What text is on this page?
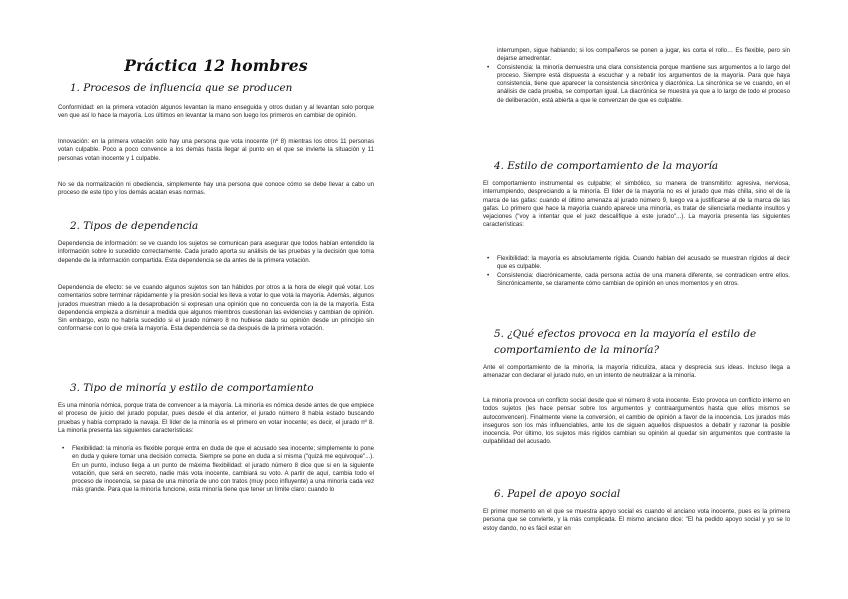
Práctica 12 hombres
1. Procesos de influencia que se producen

Conformidad: en la primera votación algunos levantan la mano enseguida y otros dudan y al levantan solo porque ven que así lo hace la mayoría. Los últimos en levantar la mano son luego los primeros en cambiar de opinión.

Innovación: en la primera votación solo hay una persona que vota inocente (nº 8) mientras los otros 11 personas votan culpable. Poco a poco convence a los demás hasta llegar al punto en el que se invierte la situación y 11 personas votan inocente y 1 culpable.

No se da normalización ni obediencia, simplemente hay una persona que conoce cómo se debe llevar a cabo un proceso de este tipo y los demás acatan esas normas.

2. Tipos de dependencia

Dependencia de información: se ve cuando los sujetos se comunican para asegurar que todos habían entendido la información sobre lo sucedido correctamente. Cada jurado aporta su análisis de las pruebas y la decisión que toma depende de la información compartida. Esta dependencia se da antes de la primera votación.

Dependencia de efecto: se ve cuando algunos sujetos son tan hábidos por otros a la hora de elegir qué votar. Los comentarios sobre terminar rápidamente y la presión social les lleva a votar lo que vota la mayoría. Además, algunos jurados muestran miedo a la desaprobación si expresan una opinión que no concuerda con la de la mayoría. Esta dependencia empieza a disminuir a medida que algunos miembros cuestionan las evidencias y cambian de opinión. Sin embargo, esto no habría sucedido si el jurado número 8 no hubiese dado su opinión desde un principio sin conformarse con lo que creía la mayoría. Esta dependencia se da después de la primera votación.

3. Tipo de minoría y estilo de comportamiento

Es una minoría nómica, porque trata de convencer a la mayoría. La minoría es nómica desde antes de que empiece el proceso de juicio del jurado popular, pues desde el día anterior, el jurado número 8 había estado buscando pruebas y había comprado la navaja. El líder de la minoría es el primero en votar inocente; es decir, el jurado nº 8. La minoría presenta las siguientes características:

• Flexibilidad: la minoría es flexible porque entra en duda de que el acusado sea inocente; simplemente lo pone en duda y quiere tomar una decisión correcta. Siempre se pone en duda a sí misma ("quizá me equivoque"...). En un punto, incluso llega a un punto de máxima flexibilidad: el jurado número 8 dice que si en la siguiente votación, que será en secreto, nadie más vota inocente, cambiará su voto. A partir de aquí, cambia todo el proceso de inocencia, se pasa de una minoría de uno con tratos (muy poco influyente) a una minoría cada vez más grande. Para que la minoría funcione, esta minoría tiene que tener un límite claro: cuando lo
interrumpen, sigue hablando; si los compañeros se ponen a jugar, les corta el rollo… Es flexible, pero sin dejarse amedrentar.
• Consistencia: la minoría demuestra una clara consistencia porque mantiene sus argumentos a lo largo del proceso. Siempre está dispuesta a escuchar y a rebatir los argumentos de la mayoría. Para que haya consistencia, tiene que aparecer la consistencia sincrónica y diacrónica. La sincrónica se ve cuando, en el análisis de cada prueba, se comportan igual. La diacrónica se muestra ya que a lo largo de todo el proceso de deliberación, está abierta a que le convenzan de que es culpable.
4. Estilo de comportamiento de la mayoría

El comportamiento instrumental es culpable; el simbólico, su manera de transmitirlo: agresiva, nerviosa, interrumpiendo, despreciando a la minoría. El líder de la mayoría no es el jurado que más chilla, sino el de la marca de las gafas: cuando el último amenaza al jurado número 9, luego va a justificarse al de la marca de las gafas. Lo primero que hace la mayoría cuando aparece una minoría, es tratar de silenciarla mediante insultos y vejaciones ("voy a intentar que el juez descalifique a este jurado"...). La mayoría presenta las siguientes características:

• Flexibilidad: la mayoría es absolutamente rígida. Cuando hablan del acusado se muestran rígidos al decir que es culpable.
• Consistencia: diacrónicamente, cada persona actúa de una manera diferente, se contradicen entre ellos. Sincrónicamente, se claramente cómo cambian de opinión en unos momentos y en otros.
5. ¿Qué efectos provoca en la mayoría el estilo de comportamiento de la minoría?

Ante el comportamiento de la minoría, la mayoría ridiculiza, ataca y desprecia sus ideas. Incluso llega a amenazar con declarar el jurado nulo, en un intento de neutralizar a la minoría.

La minoría provoca un conflicto social desde que el número 8 vota inocente. Esto provoca un conflicto interno en todos sujetos (les hace pensar sobre los argumentos y contraargumentos hasta que ellos mismos se autoconvencen). Finalmente viene la conversión, el cambio de opinión a favor de la inocencia. Los jurados más inseguros son los más influenciables, ante los de siguen aquellos dispuestos a debatir y razonar la posible inocencia. Por último, los sujetos más rígidos cambian su opinión al quedar sin argumentos que contraste la culpabilidad del acusado.

6. Papel de apoyo social

El primer momento en el que se muestra apoyo social es cuando el anciano vota inocente, pues es la primera persona que se convierte, y la más complicada. El mismo anciano dice: "El ha pedido apoyo social y yo se lo estoy dando, no es fácil estar en
